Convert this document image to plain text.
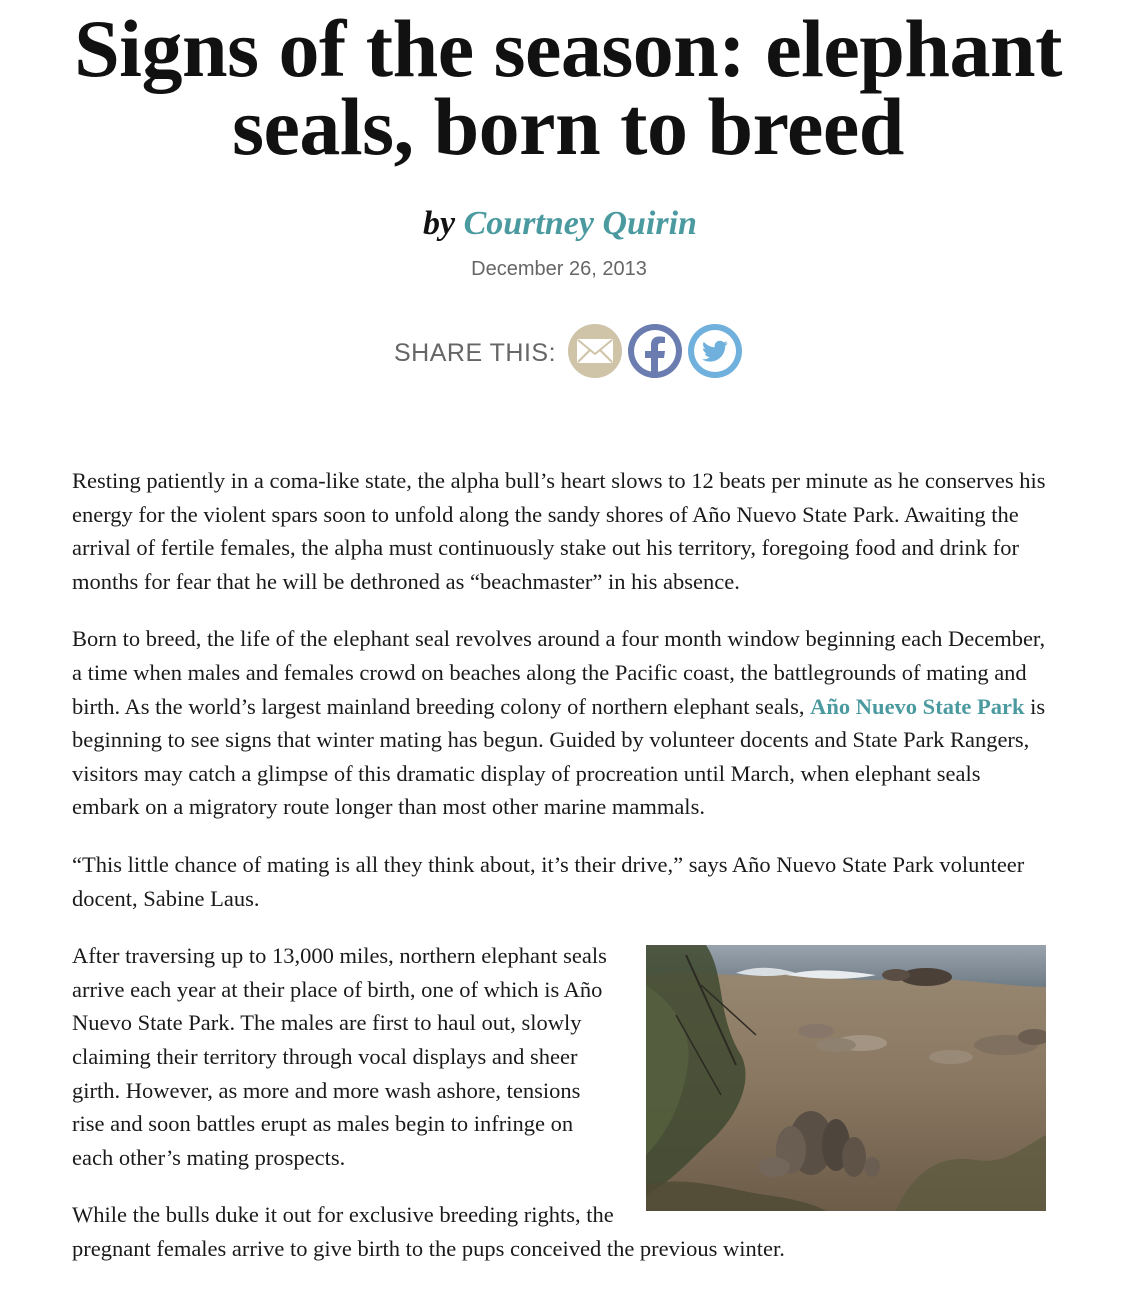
Signs of the season: elephant seals, born to breed
by Courtney Quirin
December 26, 2013
SHARE THIS:

Resting patiently in a coma-like state, the alpha bull’s heart slows to 12 beats per minute as he conserves his energy for the violent spars soon to unfold along the sandy shores of Año Nuevo State Park. Awaiting the arrival of fertile females, the alpha must continuously stake out his territory, foregoing food and drink for months for fear that he will be dethroned as “beachmaster” in his absence.

Born to breed, the life of the elephant seal revolves around a four month window beginning each December, a time when males and females crowd on beaches along the Pacific coast, the battlegrounds of mating and birth. As the world’s largest mainland breeding colony of northern elephant seals, Año Nuevo State Park is beginning to see signs that winter mating has begun. Guided by volunteer docents and State Park Rangers, visitors may catch a glimpse of this dramatic display of procreation until March, when elephant seals embark on a migratory route longer than most other marine mammals.

“This little chance of mating is all they think about, it’s their drive,” says Año Nuevo State Park volunteer docent, Sabine Laus.

After traversing up to 13,000 miles, northern elephant seals arrive each year at their place of birth, one of which is Año Nuevo State Park. The males are first to haul out, slowly claiming their territory through vocal displays and sheer girth. However, as more and more wash ashore, tensions rise and soon battles erupt as males begin to infringe on each other’s mating prospects.

While the bulls duke it out for exclusive breeding rights, the pregnant females arrive to give birth to the pups conceived the previous winter.
